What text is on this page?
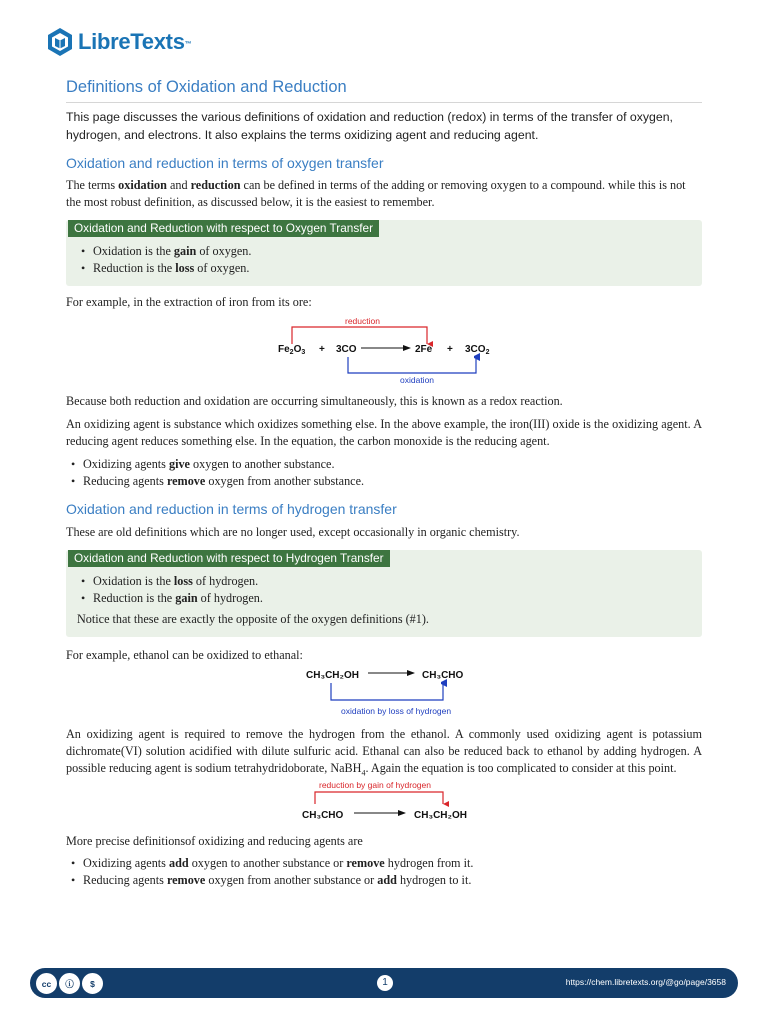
LibreTexts™
Definitions of Oxidation and Reduction
This page discusses the various definitions of oxidation and reduction (redox) in terms of the transfer of oxygen, hydrogen, and electrons. It also explains the terms oxidizing agent and reducing agent.
Oxidation and reduction in terms of oxygen transfer
The terms oxidation and reduction can be defined in terms of the adding or removing oxygen to a compound. while this is not the most robust definition, as discussed below, it is the easiest to remember.
Oxidation and Reduction with respect to Oxygen Transfer
• Oxidation is the gain of oxygen.
• Reduction is the loss of oxygen.
For example, in the extraction of iron from its ore:
reduction
$Fe_2O_3 + 3CO$	$2Fe + 3CO_2$
oxidation
Because both reduction and oxidation are occurring simultaneously, this is known as a redox reaction.
An oxidizing agent is substance which oxidizes something else. In the above example, the iron(III) oxide is the oxidizing agent. A reducing agent reduces something else. In the equation, the carbon monoxide is the reducing agent.
• Oxidizing agents give oxygen to another substance.
• Reducing agents remove oxygen from another substance.
Oxidation and reduction in terms of hydrogen transfer
These are old definitions which are no longer used, except occasionally in organic chemistry.
Oxidation and Reduction with respect to Hydrogen Transfer
• Oxidation is the loss of hydrogen.
• Reduction is the gain of hydrogen.
Notice that these are exactly the opposite of the oxygen definitions (#1).
For example, ethanol can be oxidized to ethanal:
CH₃CH₂OH	CH₃CHO
oxidation by loss of hydrogen
An oxidizing agent is required to remove the hydrogen from the ethanol. A commonly used oxidizing agent is potassium dichromate(VI) solution acidified with dilute sulfuric acid. Ethanal can also be reduced back to ethanol by adding hydrogen. A possible reducing agent is sodium tetrahydridoborate, NaBH$_4$. Again the equation is too complicated to consider at this point.
reduction by gain of hydrogen
CH₃CHO	CH₃CH₂OH
More precise definitionsof oxidizing and reducing agents are
• Oxidizing agents add oxygen to another substance or remove hydrogen from it.
• Reducing agents remove oxygen from another substance or add hydrogen to it.
cc	ⓘ	$	1	https://chem.libretexts.org/@go/page/3658
